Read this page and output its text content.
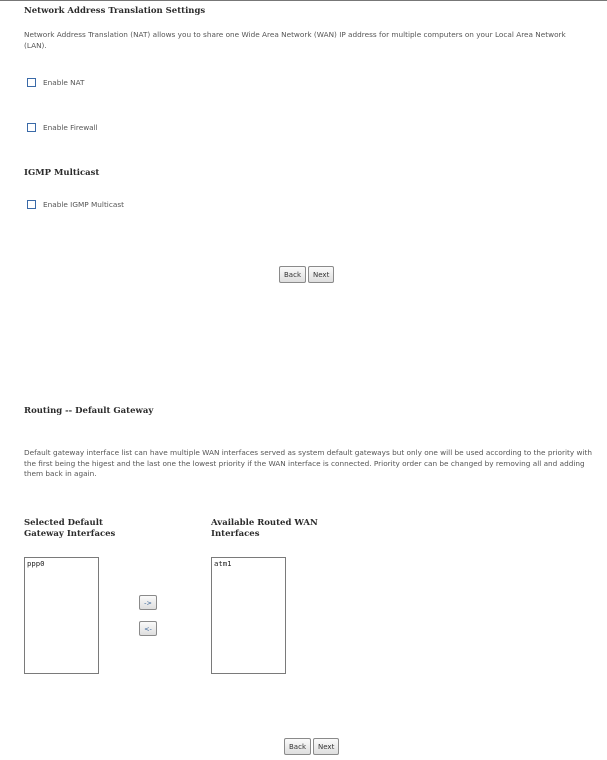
Network Address Translation Settings
Network Address Translation (NAT) allows you to share one Wide Area Network (WAN) IP address for multiple computers on your Local Area Network (LAN).
Enable NAT
Enable Firewall
IGMP Multicast
Enable IGMP Multicast
Back	Next
Routing -- Default Gateway
Default gateway interface list can have multiple WAN interfaces served as system default gateways but only one will be used according to the priority with the first being the higest and the last one the lowest priority if the WAN interface is connected. Priority order can be changed by removing all and adding them back in again.
Selected Default Gateway Interfaces
Available Routed WAN Interfaces
ppp0
->
<-
atm1
Back	Next
